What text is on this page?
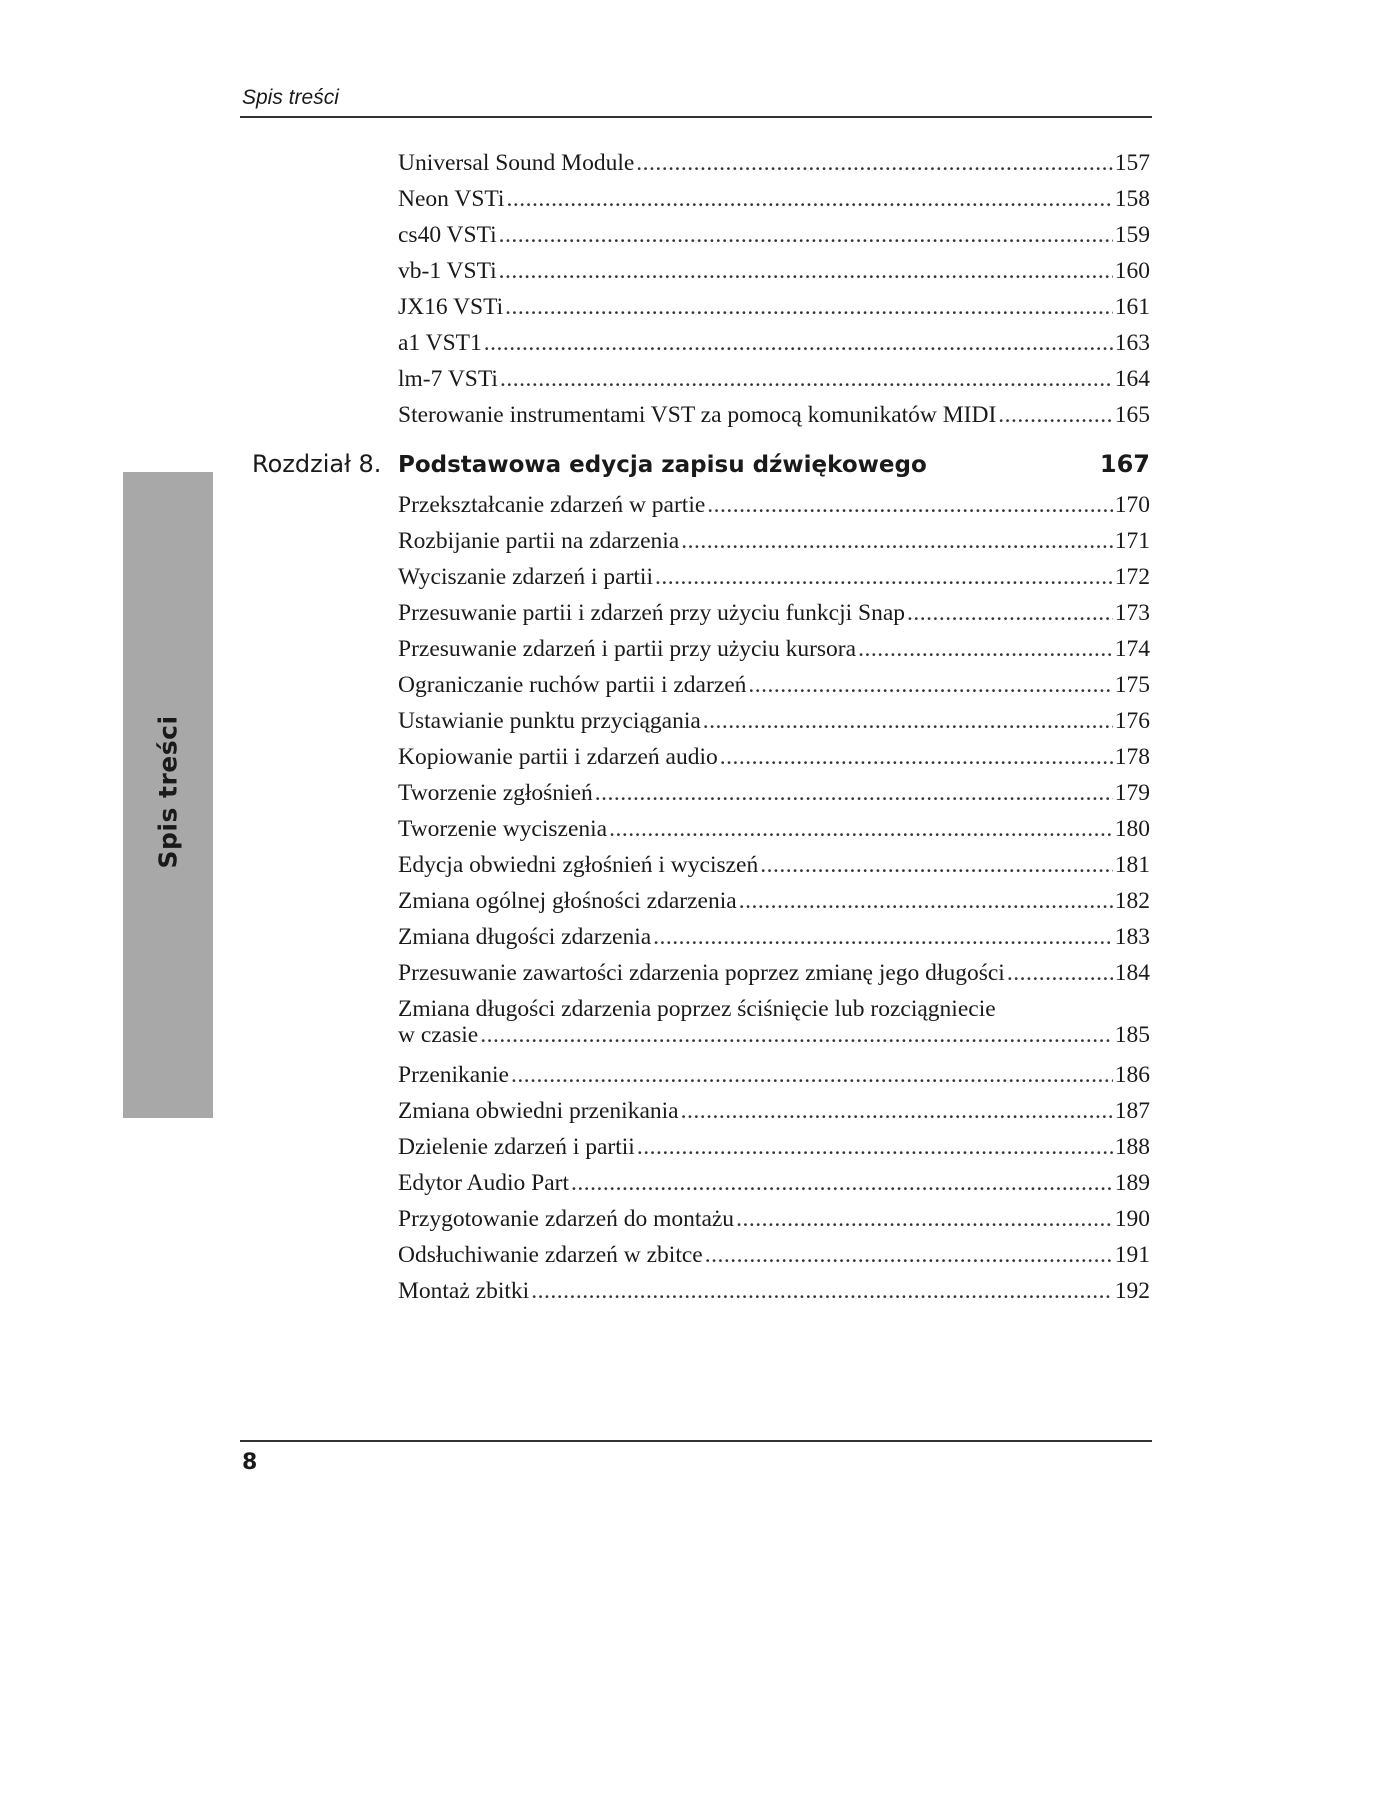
Spis treści
Spis treści
Rozdział 8. Podstawowa edycja zapisu dźwiękowego	167
Universal Sound Module .....	157
Neon VSTi .....	158
cs40 VSTi .....	159
vb-1 VSTi .....	160
JX16 VSTi .....	161
a1 VST1 .....	163
lm-7 VSTi .....	164
Sterowanie instrumentami VST za pomocą komunikatów MIDI .....	165
Przekształcanie zdarzeń w partie .....	170
Rozbijanie partii na zdarzenia .....	171
Wyciszanie zdarzeń i partii .....	172
Przesuwanie partii i zdarzeń przy użyciu funkcji Snap .....	173
Przesuwanie zdarzeń i partii przy użyciu kursora .....	174
Ograniczanie ruchów partii i zdarzeń .....	175
Ustawianie punktu przyciągania .....	176
Kopiowanie partii i zdarzeń audio .....	178
Tworzenie zgłośnień .....	179
Tworzenie wyciszenia .....	180
Edycja obwiedni zgłośnień i wyciszeń .....	181
Zmiana ogólnej głośności zdarzenia .....	182
Zmiana długości zdarzenia .....	183
Przesuwanie zawartości zdarzenia poprzez zmianę jego długości .....	184
Zmiana długości zdarzenia poprzez ściśnięcie lub rozciągniecie
w czasie .....	185
Przenikanie .....	186
Zmiana obwiedni przenikania .....	187
Dzielenie zdarzeń i partii .....	188
Edytor Audio Part .....	189
Przygotowanie zdarzeń do montażu .....	190
Odsłuchiwanie zdarzeń w zbitce .....	191
Montaż zbitki .....	192
8
